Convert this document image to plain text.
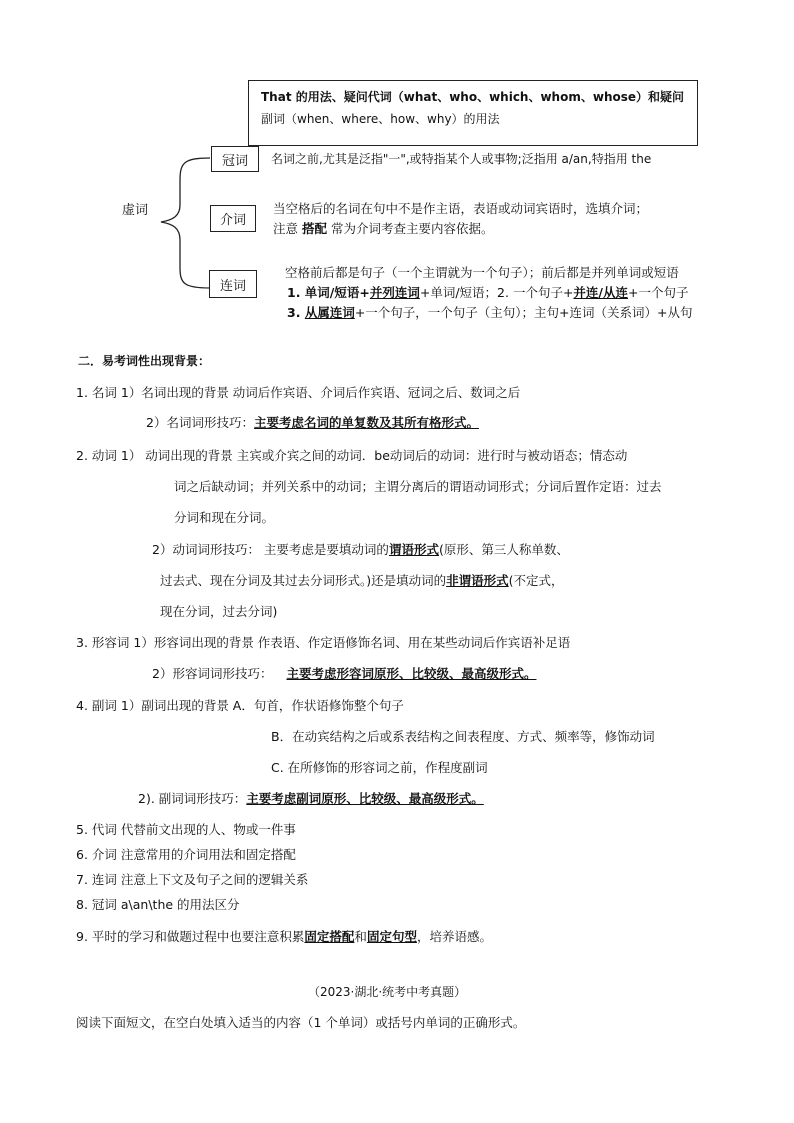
That 的用法、疑问代词（what、who、which、whom、whose）和疑问
副词（when、where、how、why）的用法
虚词
冠词 名词之前,尤其是泛指"一",或特指某个人或事物;泛指用 a/an,特指用 the
介词
当空格后的名词在句中不是作主语，表语或动词宾语时，选填介词；
注意 搭配 常为介词考查主要内容依据。
连词
空格前后都是句子（一个主谓就为一个句子）；前后都是并列单词或短语
1. 单词/短语+并列连词+单词/短语；2. 一个句子+并连/从连+一个句子
3. 从属连词+一个句子，一个句子（主句）；主句+连词（关系词）+从句
二．易考词性出现背景：
1. 名词 1）名词出现的背景 动词后作宾语、介词后作宾语、冠词之后、数词之后
2）名词词形技巧：主要考虑名词的单复数及其所有格形式。
2. 动词 1） 动词出现的背景 主宾或介宾之间的动词．be动词后的动词：进行时与被动语态；情态动
词之后缺动词；并列关系中的动词；主谓分离后的谓语动词形式；分词后置作定语：过去
分词和现在分词。
2）动词词形技巧： 主要考虑是要填动词的谓语形式(原形、第三人称单数、
过去式、现在分词及其过去分词形式。)还是填动词的非谓语形式(不定式，
现在分词，过去分词)
3. 形容词 1）形容词出现的背景 作表语、作定语修饰名词、用在某些动词后作宾语补足语
2）形容词词形技巧： 主要考虑形容词原形、比较级、最高级形式。
4. 副词 1）副词出现的背景 A．句首，作状语修饰整个句子
B．在动宾结构之后或系表结构之间表程度、方式、频率等，修饰动词
C. 在所修饰的形容词之前，作程度副词
2). 副词词形技巧：主要考虑副词原形、比较级、最高级形式。
5. 代词 代替前文出现的人、物或一件事
6. 介词 注意常用的介词用法和固定搭配
7. 连词 注意上下文及句子之间的逻辑关系
8. 冠词 a\an\the 的用法区分
9. 平时的学习和做题过程中也要注意积累固定搭配和固定句型，培养语感。
（2023·湖北·统考中考真题）
阅读下面短文，在空白处填入适当的内容（1 个单词）或括号内单词的正确形式。
